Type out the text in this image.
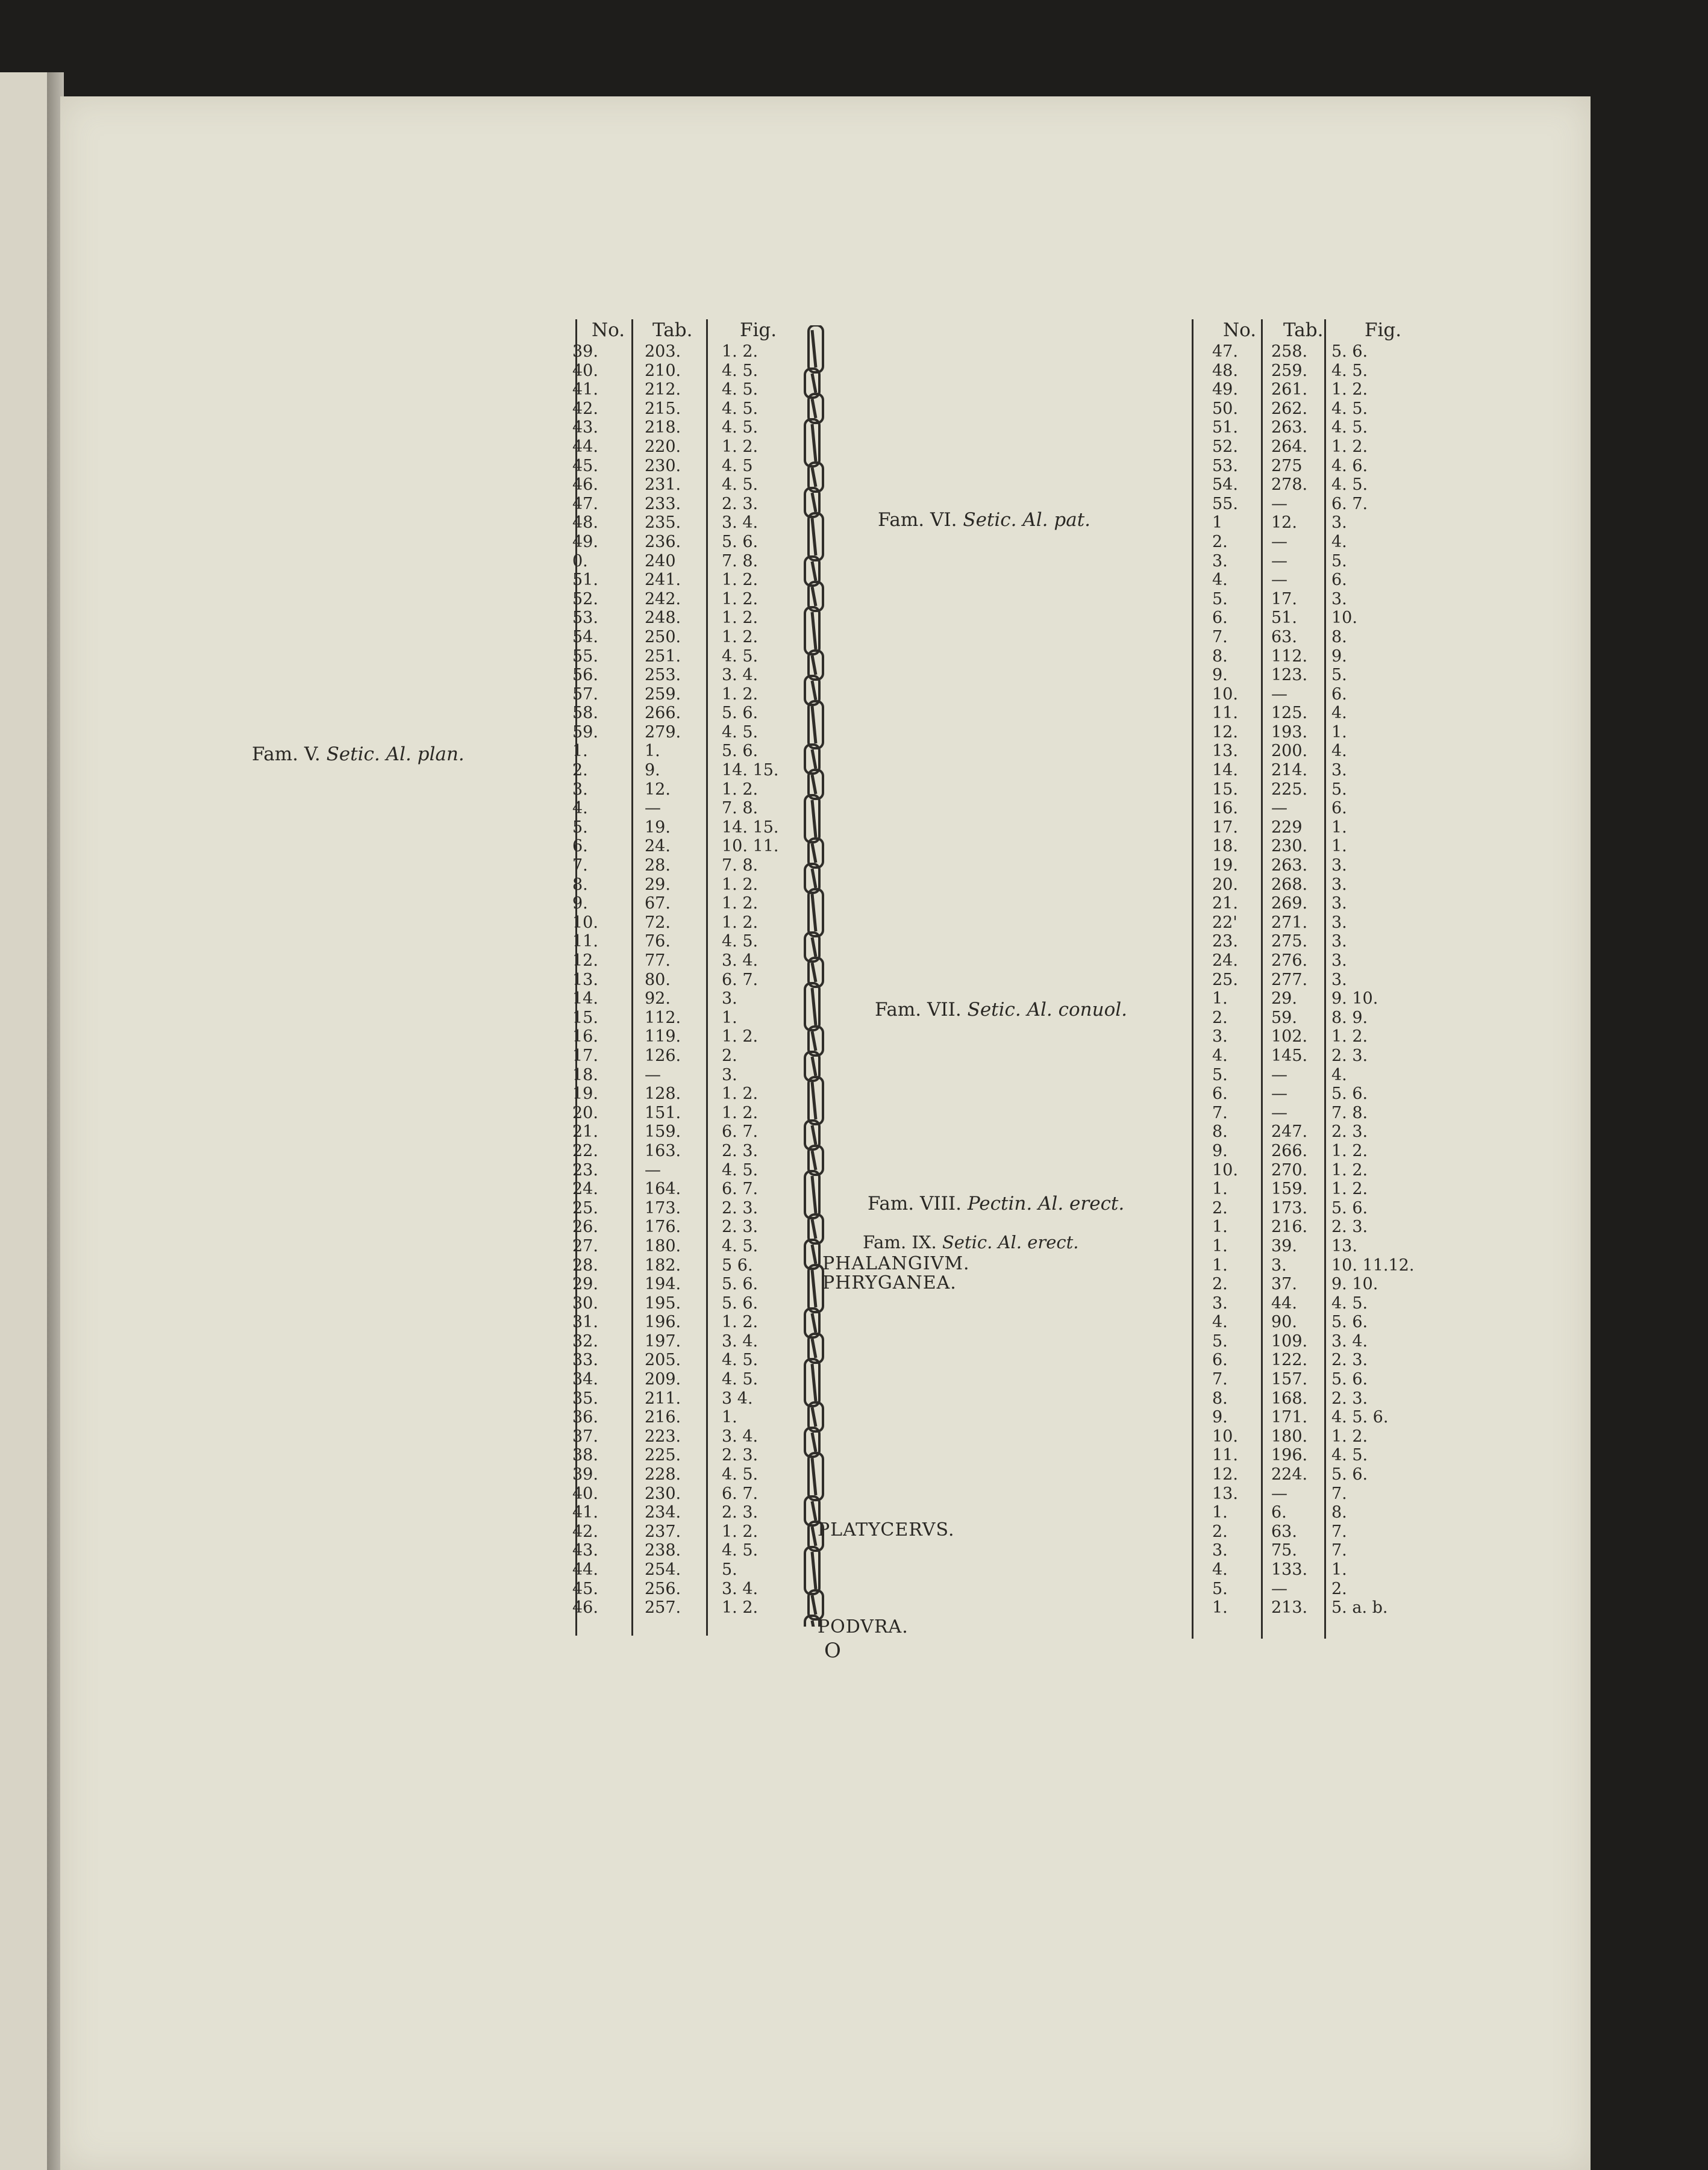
No. Tab.	Fig.
39.
40.
41.
42.
43.
44.
45.
46.
47.
48.
49.
0.
51.
52.
53.
54.
55.
56.
57.
58.
59.
1.
2.
3.
4.
5.
6.
7.
8.
9.
10.
11.
12.
13.
14.
15.
16.
17.
18.
19.
20.
21.
22.
23.
24.
25.
26.
27.
28.
29.
30.
31.
32.
33.
34.
35.
36.
37.
38.
39.
40.
41.
42.
43.
44.
45.
46.
203.
210.
212.
215.
218.
220.
230.
231.
233.
235.
236.
240
241.
242.
248.
250.
251.
253.
259.
266.
279.
1.
9.
12.
—
19.
24.
28.
29.
67.
72.
76.
77.
80.
92.
112.
119.
126.
—
128.
151.
159.
163.
—
164.
173.
176.
180.
182.
194.
195.
196.
197.
205.
209.
211.
216.
223.
225.
228.
230.
234.
237.
238.
254.
256.
257.
1. 2.
4. 5.
4. 5.
4. 5.
4. 5.
1. 2.
4. 5
4. 5.
2. 3.
3. 4.
5. 6.
7. 8.
1. 2.
1. 2.
1. 2.
1. 2.
4. 5.
3. 4.
1. 2.
5. 6.
4. 5.
5. 6.
14. 15.
1. 2.
7. 8.
14. 15.
10. 11.
7. 8.
1. 2.
1. 2.
1. 2.
4. 5.
3. 4.
6. 7.
3.
1.
1. 2.
2.
3.
1. 2.
1. 2.
6. 7.
2. 3.
4. 5.
6. 7.
2. 3.
2. 3.
4. 5.
5 6.
5. 6.
5. 6.
1. 2.
3. 4.
4. 5.
4. 5.
3 4.
1.
3. 4.
2. 3.
4. 5.
6. 7.
2. 3.
1. 2.
4. 5.
5.
3. 4.
1. 2.
No. Tab. Fig.
47.
48.
49.
50.
51.
52.
53.
54.
55.
1
2.
3.
4.
5.
6.
7.
8.
9.
10.
11.
12.
13.
14.
15.
16.
17.
18.
19.
20.
21.
22'
23.
24.
25.
1.
2.
3.
4.
5.
6.
7.
8.
9.
10.
1.
2.
1.
1.
1.
2.
3.
4.
5.
6.
7.
8.
9.
10.
11.
12.
13.
1.
2.
3.
4.
5.
1.
258.
259.
261.
262.
263.
264.
275
278.
—
12.
—
—
—
17.
51.
63.
112.
123.
—
125.
193.
200.
214.
225.
—
229
230.
263.
268.
269.
271.
275.
276.
277.
29.
59.
102.
145.
—
—
—
247.
266.
270.
159.
173.
216.
39.
3.
37.
44.
90.
109.
122.
157.
168.
171.
180.
196.
224.
—
6.
63.
75.
133.
—
213.
5. 6.
4. 5.
1. 2.
4. 5.
4. 5.
1. 2.
4. 6.
4. 5.
6. 7.
3.
4.
5.
6.
3.
10.
8.
9.
5.
6.
4.
1.
4.
3.
5.
6.
1.
1.
3.
3.
3.
3.
3.
3.
3.
9. 10.
8. 9.
1. 2.
2. 3.
4.
5. 6.
7. 8.
2. 3.
1. 2.
1. 2.
1. 2.
5. 6.
2. 3.
13.
10. 11.12.
9. 10.
4. 5.
5. 6.
3. 4.
2. 3.
5. 6.
2. 3.
4. 5. 6.
1. 2.
4. 5.
5. 6.
7.
8.
7.
7.
1.
2.
5. a. b.
Fam. V. Setic. Al. plan.
Fam. VI. Setic. Al. pat.
Fam. VII. Setic. Al. conuol.
Fam. VIII. Pectin. Al. erect.
Fam. IX. Setic. Al. erect.
PHALANGIVM.
PHRYGANEA.
PLATYCERVS.
PODVRA.
O
